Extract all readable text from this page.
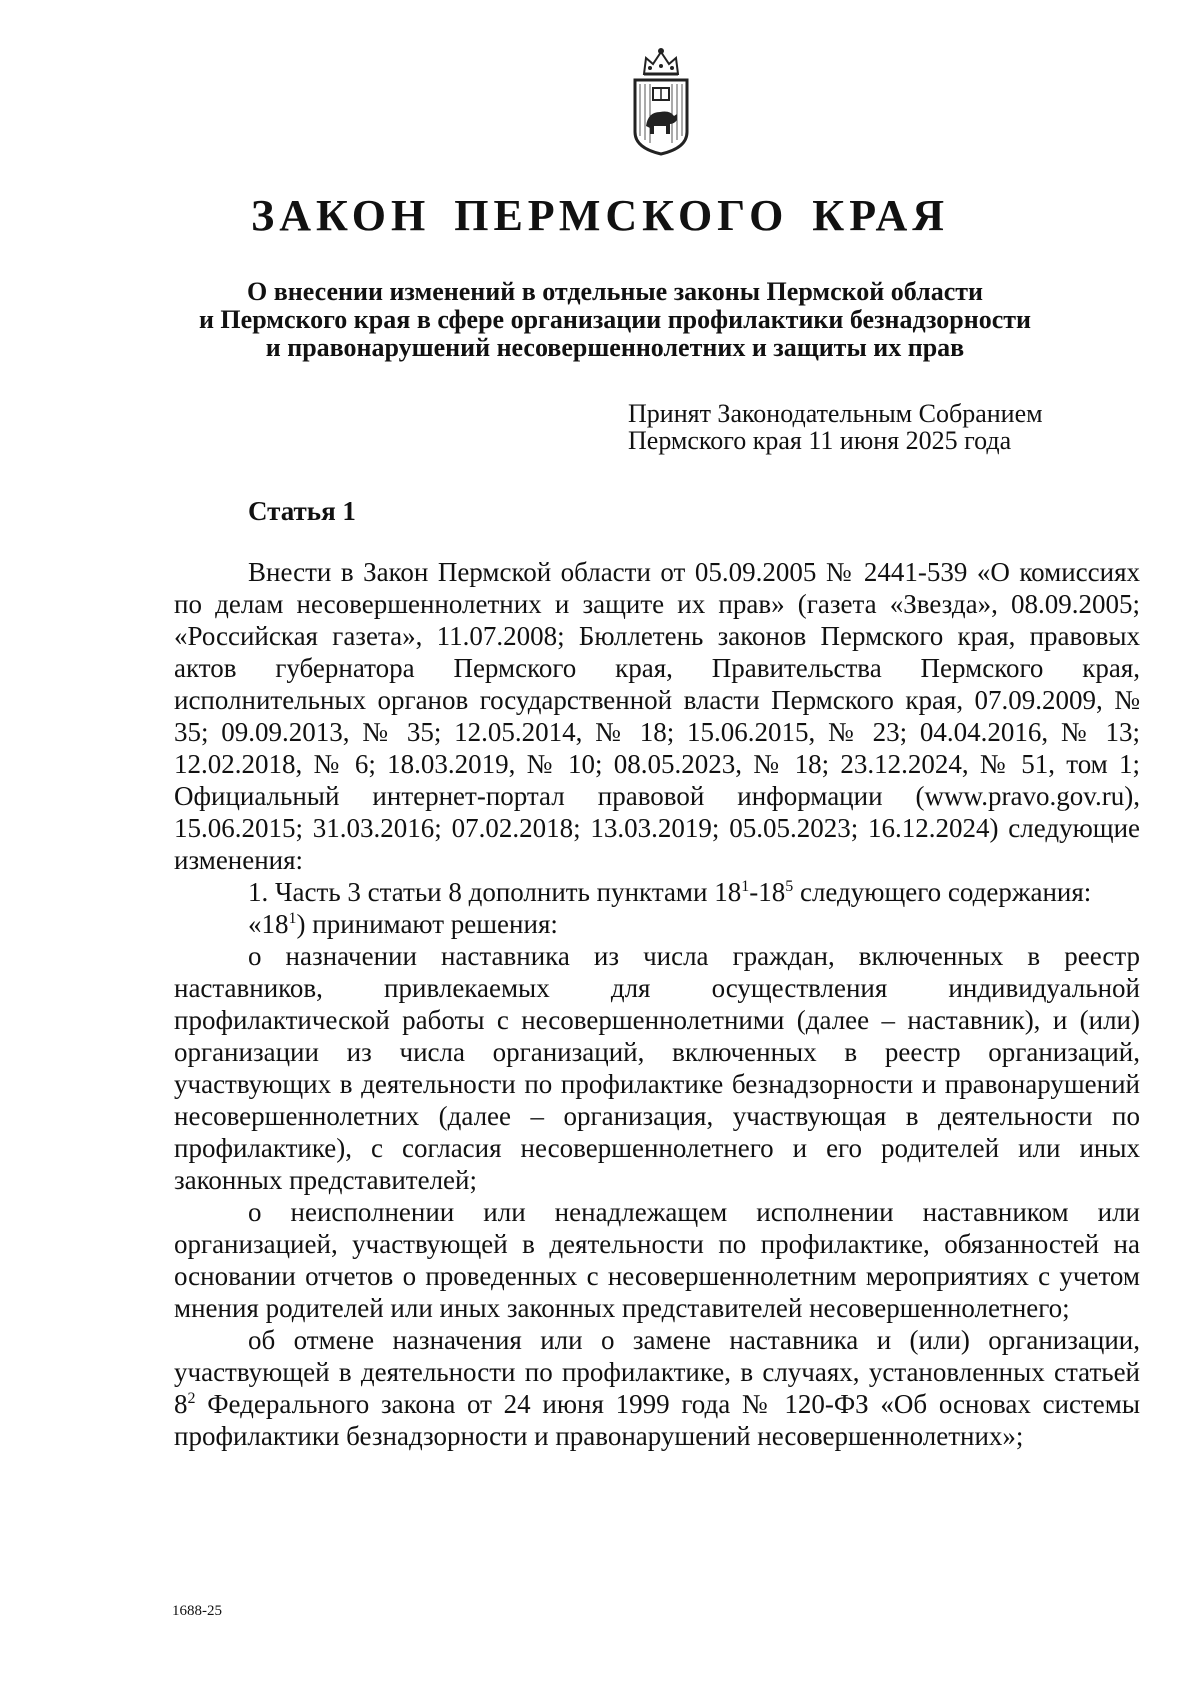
ЗАКОН ПЕРМСКОГО КРАЯ
О внесении изменений в отдельные законы Пермской области
и Пермского края в сфере организации профилактики безнадзорности
и правонарушений несовершеннолетних и защиты их прав
Принят Законодательным Собранием
Пермского края 11 июня 2025 года
Статья 1

Внести в Закон Пермской области от 05.09.2005 № 2441-539 «О комиссиях по делам несовершеннолетних и защите их прав» (газета «Звезда», 08.09.2005; «Российская газета», 11.07.2008; Бюллетень законов Пермского края, правовых актов губернатора Пермского края, Правительства Пермского края, исполнительных органов государственной власти Пермского края, 07.09.2009, № 35; 09.09.2013, № 35; 12.05.2014, № 18; 15.06.2015, № 23; 04.04.2016, № 13; 12.02.2018, № 6; 18.03.2019, № 10; 08.05.2023, № 18; 23.12.2024, № 51, том 1; Официальный интернет-портал правовой информации (www.pravo.gov.ru), 15.06.2015; 31.03.2016; 07.02.2018; 13.03.2019; 05.05.2023; 16.12.2024) следующие изменения:

1. Часть 3 статьи 8 дополнить пунктами $18^1-18^5$ следующего содержания:

«$18^1$) принимают решения:

о назначении наставника из числа граждан, включенных в реестр наставников, привлекаемых для осуществления индивидуальной профилактической работы с несовершеннолетними (далее – наставник), и (или) организации из числа организаций, включенных в реестр организаций, участвующих в деятельности по профилактике безнадзорности и правонарушений несовершеннолетних (далее – организация, участвующая в деятельности по профилактике), с согласия несовершеннолетнего и его родителей или иных законных представителей;

о неисполнении или ненадлежащем исполнении наставником или организацией, участвующей в деятельности по профилактике, обязанностей на основании отчетов о проведенных с несовершеннолетним мероприятиях с учетом мнения родителей или иных законных представителей несовершеннолетнего;

об отмене назначения или о замене наставника и (или) организации, участвующей в деятельности по профилактике, в случаях, установленных статьей $8^2$ Федерального закона от 24 июня 1999 года № 120-ФЗ «Об основах системы профилактики безнадзорности и правонарушений несовершеннолетних»;

1688-25
